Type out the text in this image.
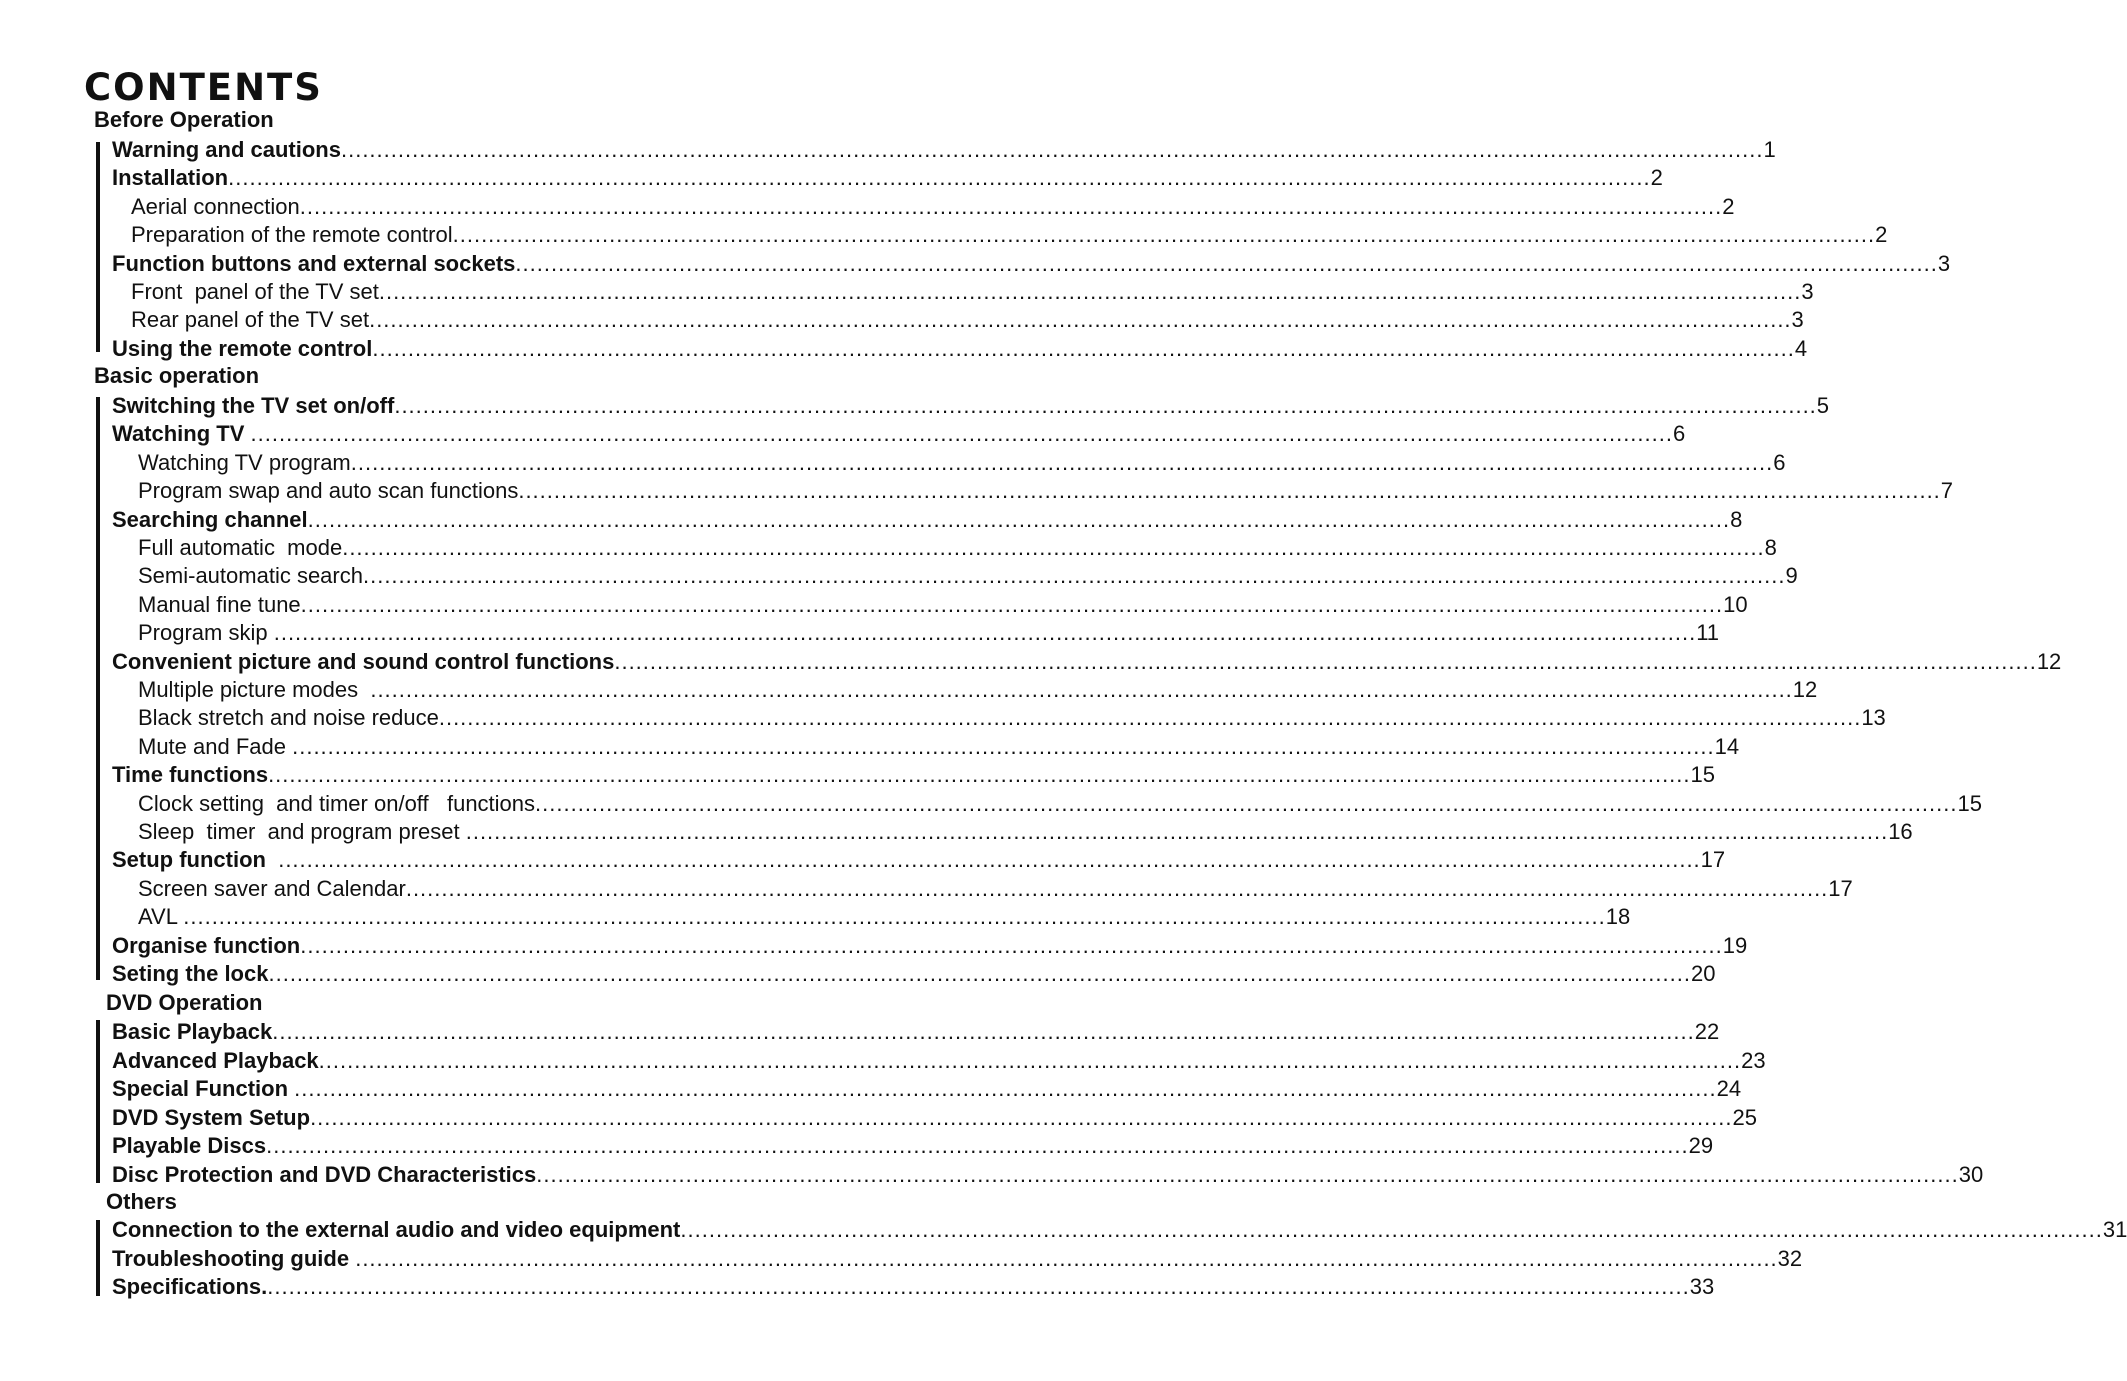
CONTENTS
Before Operation
Basic operation
DVD Operation
Others
Warning and cautions ........................................................................................................................................................................................................ 1
Installation ........................................................................................................................................................................................................ 2
Aerial connection ........................................................................................................................................................................................................ 2
Preparation of the remote control ........................................................................................................................................................................................................ 2
Function buttons and external sockets ........................................................................................................................................................................................................ 3
Front  panel of the TV set ........................................................................................................................................................................................................ 3
Rear panel of the TV set ........................................................................................................................................................................................................ 3
Using the remote control ........................................................................................................................................................................................................ 4
Switching the TV set on/off ........................................................................................................................................................................................................ 5
Watching TV ........................................................................................................................................................................................................ 6
Watching TV program ........................................................................................................................................................................................................ 6
Program swap and auto scan functions ........................................................................................................................................................................................................ 7
Searching channel ........................................................................................................................................................................................................ 8
Full automatic  mode ........................................................................................................................................................................................................ 8
Semi-automatic search ........................................................................................................................................................................................................ 9
Manual fine tune ........................................................................................................................................................................................................ 10
Program skip ........................................................................................................................................................................................................ 11
Convenient picture and sound control functions ........................................................................................................................................................................................................ 12
Multiple picture modes ........................................................................................................................................................................................................ 12
Black stretch and noise reduce ........................................................................................................................................................................................................ 13
Mute and Fade ........................................................................................................................................................................................................ 14
Time functions ........................................................................................................................................................................................................ 15
Clock setting  and timer on/off   functions ........................................................................................................................................................................................................ 15
Sleep  timer  and program preset ........................................................................................................................................................................................................ 16
Setup function ........................................................................................................................................................................................................ 17
Screen saver and Calendar ........................................................................................................................................................................................................ 17
AVL ........................................................................................................................................................................................................ 18
Organise function ........................................................................................................................................................................................................ 19
Seting the lock ........................................................................................................................................................................................................ 20
Basic Playback ........................................................................................................................................................................................................ 22
Advanced Playback ........................................................................................................................................................................................................ 23
Special Function ........................................................................................................................................................................................................ 24
DVD System Setup ........................................................................................................................................................................................................ 25
Playable Discs ........................................................................................................................................................................................................ 29
Disc Protection and DVD Characteristics ........................................................................................................................................................................................................ 30
Connection to the external audio and video equipment ........................................................................................................................................................................................................ 31
Troubleshooting guide ........................................................................................................................................................................................................ 32
Specifications. ........................................................................................................................................................................................................ 33
